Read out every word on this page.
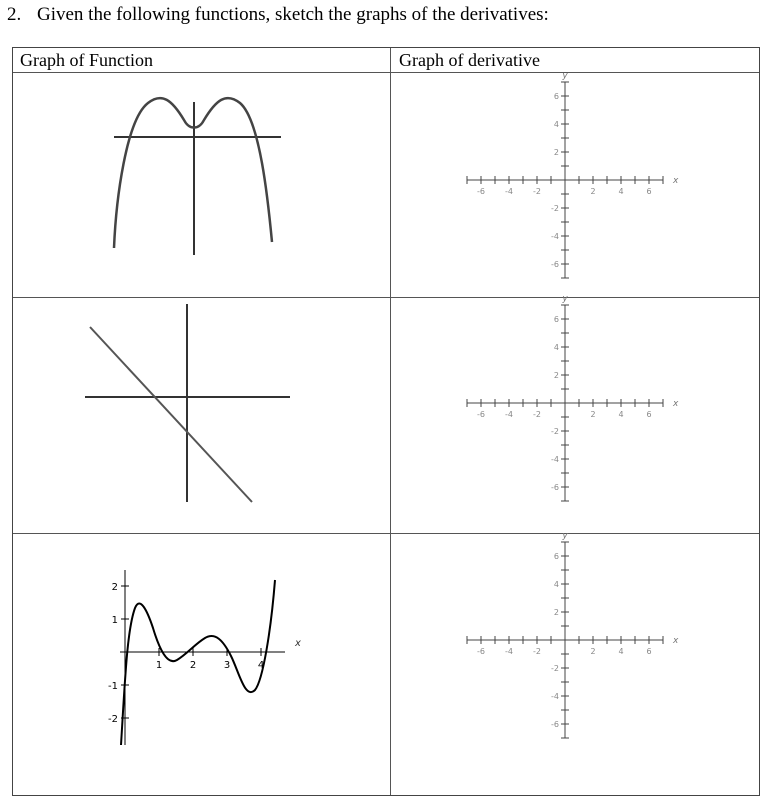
2. Given the following functions, sketch the graphs of the derivatives:
Graph of Function	Graph of derivative
1	2	3	4
2
1
-1
-2
x
-6	-4	-2	2	4	6
6
4
2
-2
-4
-6
x
y
-6	-4	-2	2	4	6
6
4
2
-2
-4
-6
x
y
-6	-4	-2	2	4	6
6
4
2
-2
-4
-6
x
y
